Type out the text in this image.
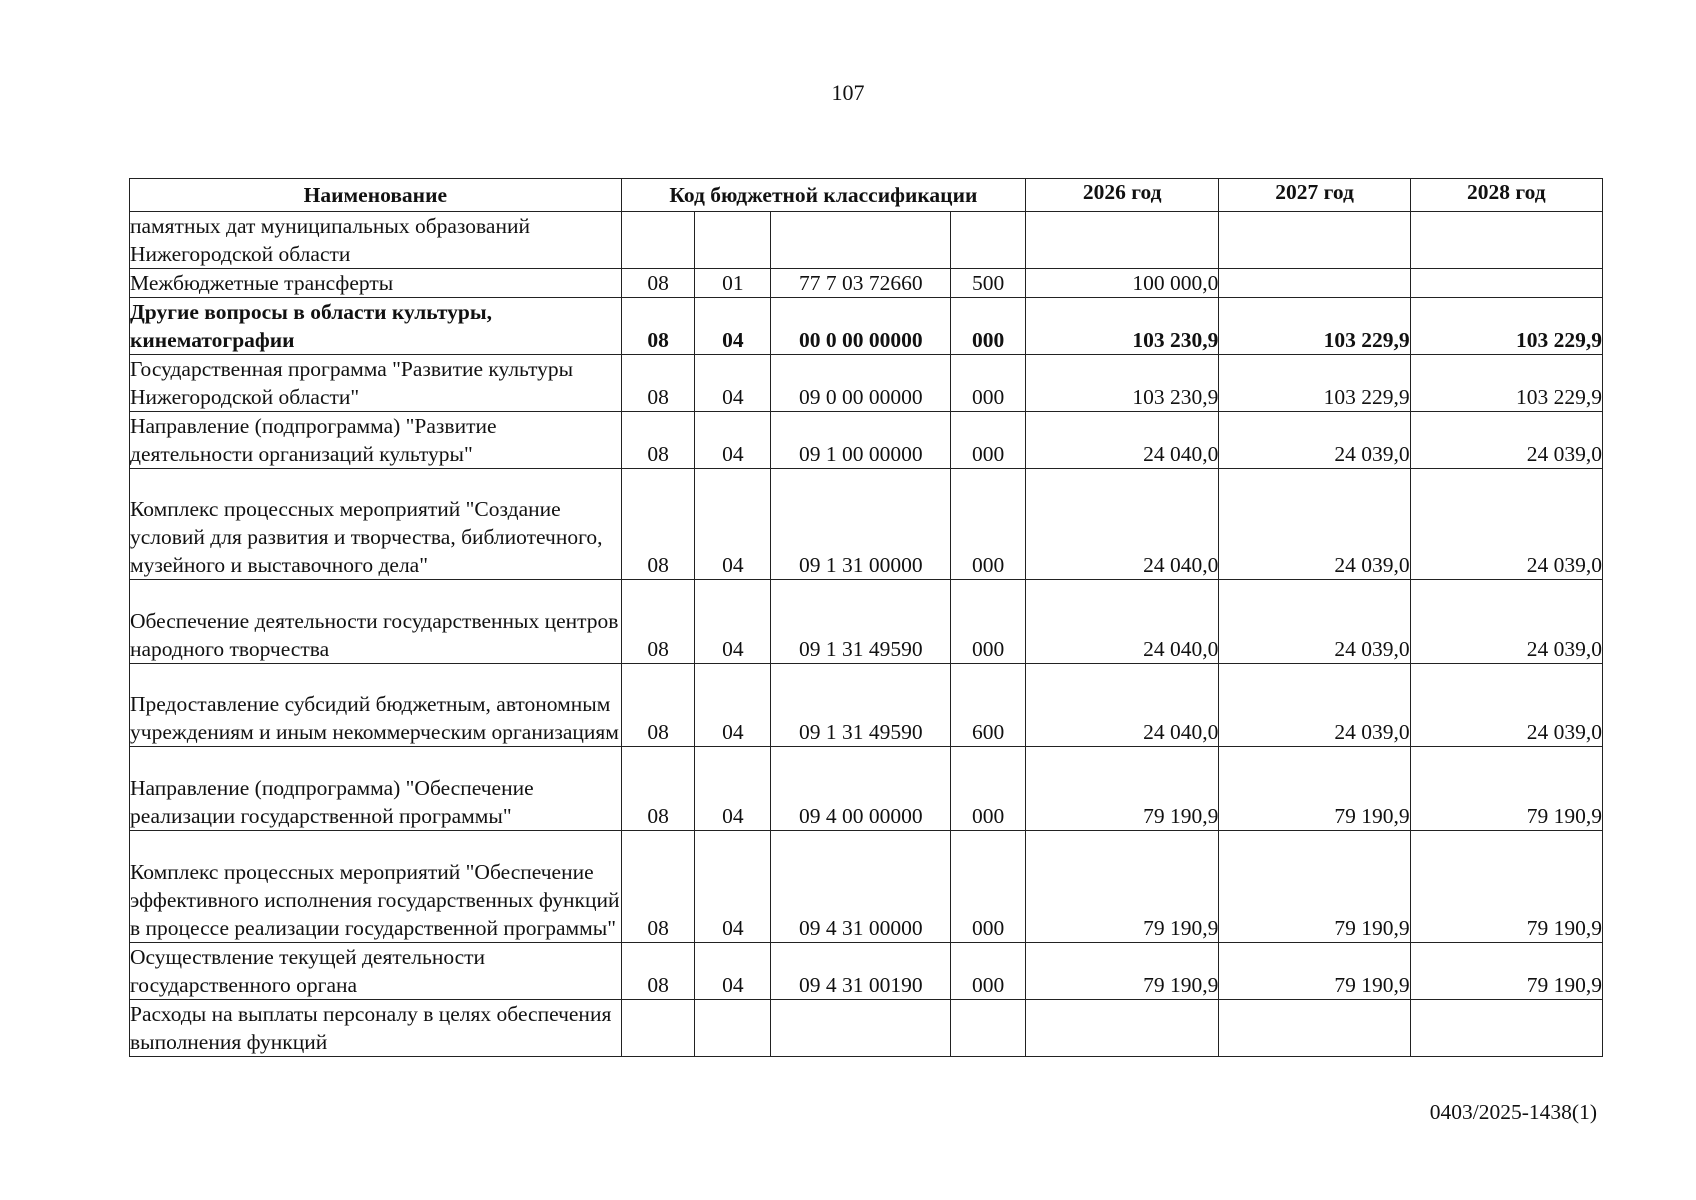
107
Наименование	Код бюджетной классификации				2026 год	2027 год	2028 год
памятных дат муниципальных образований Нижегородской области							
Межбюджетные трансферты	08	01	77 7 03 72660	500	100 000,0		
Другие вопросы в области культуры, кинематографии	08	04	00 0 00 00000	000	103 230,9	103 229,9	103 229,9
Государственная программа "Развитие культуры Нижегородской области"	08	04	09 0 00 00000	000	103 230,9	103 229,9	103 229,9
Направление (подпрограмма) "Развитие деятельности организаций культуры"	08	04	09 1 00 00000	000	24 040,0	24 039,0	24 039,0
Комплекс процессных мероприятий "Создание условий для развития и творчества, библиотечного, музейного и выставочного дела"	08	04	09 1 31 00000	000	24 040,0	24 039,0	24 039,0
Обеспечение деятельности государственных центров народного творчества	08	04	09 1 31 49590	000	24 040,0	24 039,0	24 039,0
Предоставление субсидий бюджетным, автономным учреждениям и иным некоммерческим организациям	08	04	09 1 31 49590	600	24 040,0	24 039,0	24 039,0
Направление (подпрограмма) "Обеспечение реализации государственной программы"	08	04	09 4 00 00000	000	79 190,9	79 190,9	79 190,9
Комплекс процессных мероприятий "Обеспечение эффективного исполнения государственных функций в процессе реализации государственной программы"	08	04	09 4 31 00000	000	79 190,9	79 190,9	79 190,9
Осуществление текущей деятельности государственного органа	08	04	09 4 31 00190	000	79 190,9	79 190,9	79 190,9
Расходы на выплаты персоналу в целях обеспечения выполнения функций							
0403/2025-1438(1)
